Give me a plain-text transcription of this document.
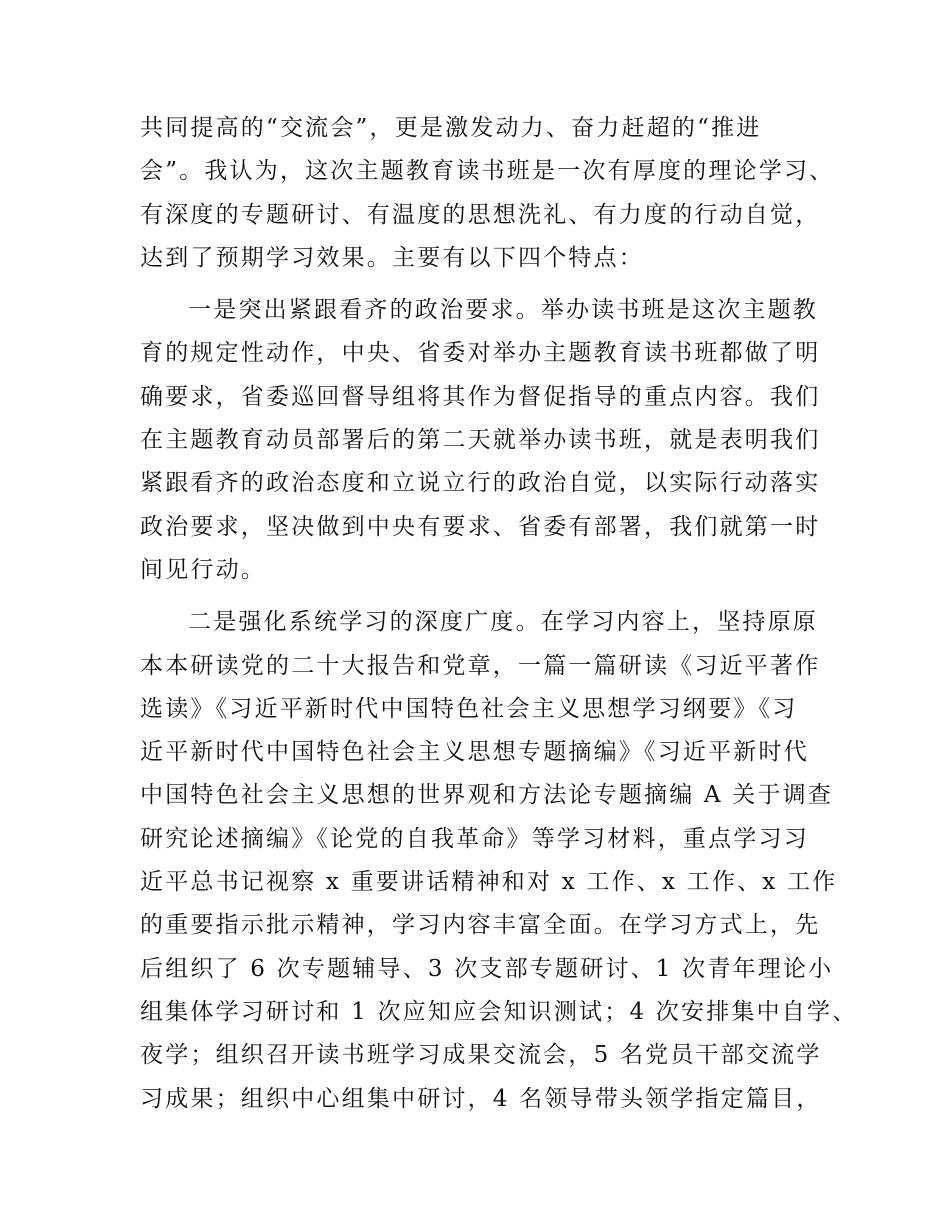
共同提高的“交流会”，更是激发动力、奋力赶超的“推进
会”。我认为，这次主题教育读书班是一次有厚度的理论学习、
有深度的专题研讨、有温度的思想洗礼、有力度的行动自觉，
达到了预期学习效果。主要有以下四个特点：
一是突出紧跟看齐的政治要求。举办读书班是这次主题教
育的规定性动作，中央、省委对举办主题教育读书班都做了明
确要求，省委巡回督导组将其作为督促指导的重点内容。我们
在主题教育动员部署后的第二天就举办读书班，就是表明我们
紧跟看齐的政治态度和立说立行的政治自觉，以实际行动落实
政治要求，坚决做到中央有要求、省委有部署，我们就第一时
间见行动。
二是强化系统学习的深度广度。在学习内容上，坚持原原
本本研读党的二十大报告和党章，一篇一篇研读《习近平著作
选读》《习近平新时代中国特色社会主义思想学习纲要》《习
近平新时代中国特色社会主义思想专题摘编》《习近平新时代
中国特色社会主义思想的世界观和方法论专题摘编 A 关于调查
研究论述摘编》《论党的自我革命》等学习材料，重点学习习
近平总书记视察 x 重要讲话精神和对 x 工作、x 工作、x 工作
的重要指示批示精神，学习内容丰富全面。在学习方式上，先
后组织了 6 次专题辅导、3 次支部专题研讨、1 次青年理论小
组集体学习研讨和 1 次应知应会知识测试；4 次安排集中自学、
夜学；组织召开读书班学习成果交流会，5 名党员干部交流学
习成果；组织中心组集中研讨，4 名领导带头领学指定篇目，
